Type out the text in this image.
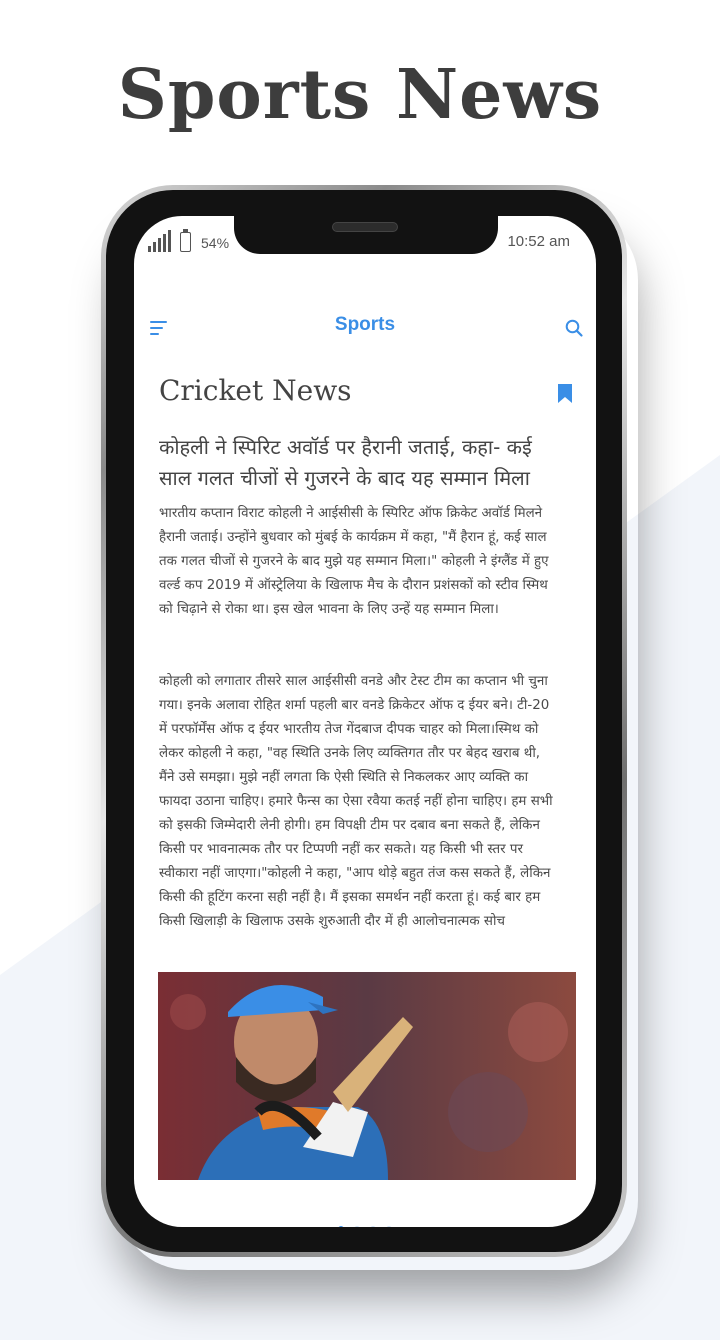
Sports News
54%	10:52 am
Sports
Cricket News
कोहली ने स्पिरिट अवॉर्ड पर हैरानी जताई, कहा- कई साल गलत चीजों से गुजरने के बाद यह सम्मान मिला
भारतीय कप्तान विराट कोहली ने आईसीसी के स्पिरिट ऑफ क्रिकेट अवॉर्ड मिलने हैरानी जताई। उन्होंने बुधवार को मुंबई के कार्यक्रम में कहा, "मैं हैरान हूं, कई साल तक गलत चीजों से गुजरने के बाद मुझे यह सम्मान मिला।" कोहली ने इंग्लैंड में हुए वर्ल्ड कप 2019 में ऑस्ट्रेलिया के खिलाफ मैच के दौरान प्रशंसकों को स्टीव स्मिथ को चिढ़ाने से रोका था। इस खेल भावना के लिए उन्हें यह सम्मान मिला।
कोहली को लगातार तीसरे साल आईसीसी वनडे और टेस्ट टीम का कप्तान भी चुना गया। इनके अलावा रोहित शर्मा पहली बार वनडे क्रिकेटर ऑफ द ईयर बने। टी-20 में परफॉर्मेंस ऑफ द ईयर भारतीय तेज गेंदबाज दीपक चाहर को मिला।स्मिथ को लेकर कोहली ने कहा, "वह स्थिति उनके लिए व्यक्तिगत तौर पर बेहद खराब थी, मैंने उसे समझा। मुझे नहीं लगता कि ऐसी स्थिति से निकलकर आए व्यक्ति का फायदा उठाना चाहिए। हमारे फैन्स का ऐसा रवैया कतई नहीं होना चाहिए। हम सभी को इसकी जिम्मेदारी लेनी होगी। हम विपक्षी टीम पर दबाव बना सकते हैं, लेकिन किसी पर भावनात्मक तौर पर टिप्पणी नहीं कर सकते। यह किसी भी स्तर पर स्वीकारा नहीं जाएगा।"कोहली ने कहा, "आप थोड़े बहुत तंज कस सकते हैं, लेकिन किसी की हूटिंग करना सही नहीं है। मैं इसका समर्थन नहीं करता हूं। कई बार हम किसी खिलाड़ी के खिलाफ उसके शुरुआती दौर में ही आलोचनात्मक सोच
